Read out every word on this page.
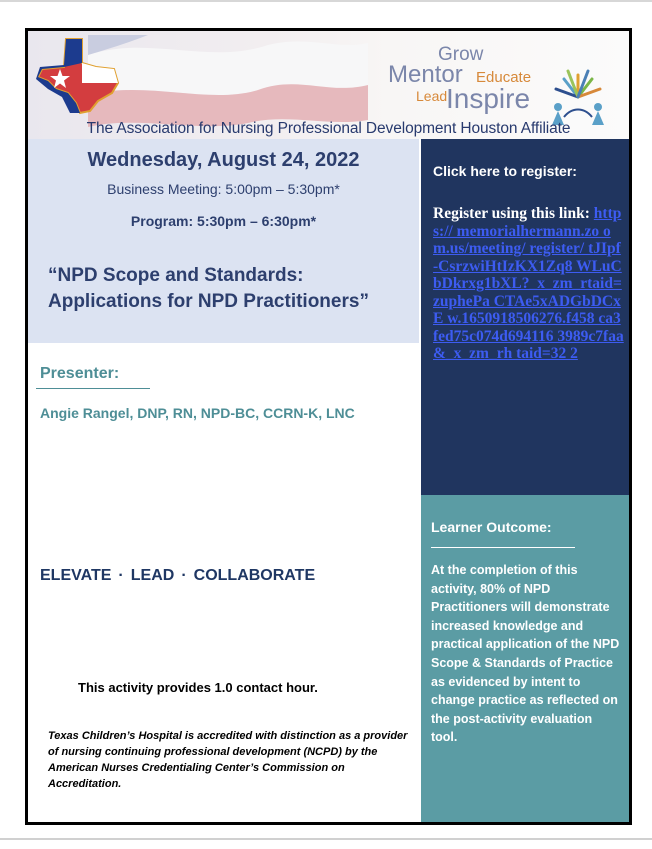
Grow
Mentor Educate
Lead
Inspire
The Association for Nursing Professional Development Houston Affiliate
Wednesday, August 24, 2022
Business Meeting: 5:00pm – 5:30pm*
Program: 5:30pm – 6:30pm*
“NPD Scope and Standards: Applications for NPD Practitioners”
Presenter:
Angie Rangel, DNP, RN, NPD-BC, CCRN-K, LNC
ELEVATE · LEAD · COLLABORATE
This activity provides 1.0 contact hour.
Texas Children’s Hospital is accredited with distinction as a provider of nursing continuing professional development (NCPD) by the American Nurses Credentialing Center’s Commission on Accreditation.
Click here to register:
Register using this link: https:// memorialhermann.zo o m.us/meeting/ register/ tJIpf-CsrzwiHtIzKX1Zq8 WLuC bDkrxg1bXL?_x_zm_rtaid=zuphePa CTAe5xADGbDCxE w.1650918506276.f458 ca3fed75c074d694116 3989c7faa&_x_zm_rh taid=32 2
Learner Outcome:
At the completion of this activity, 80% of NPD Practitioners will demonstrate increased knowledge and practical application of the NPD Scope & Standards of Practice as evidenced by intent to change practice as reflected on the post-activity evaluation tool.
